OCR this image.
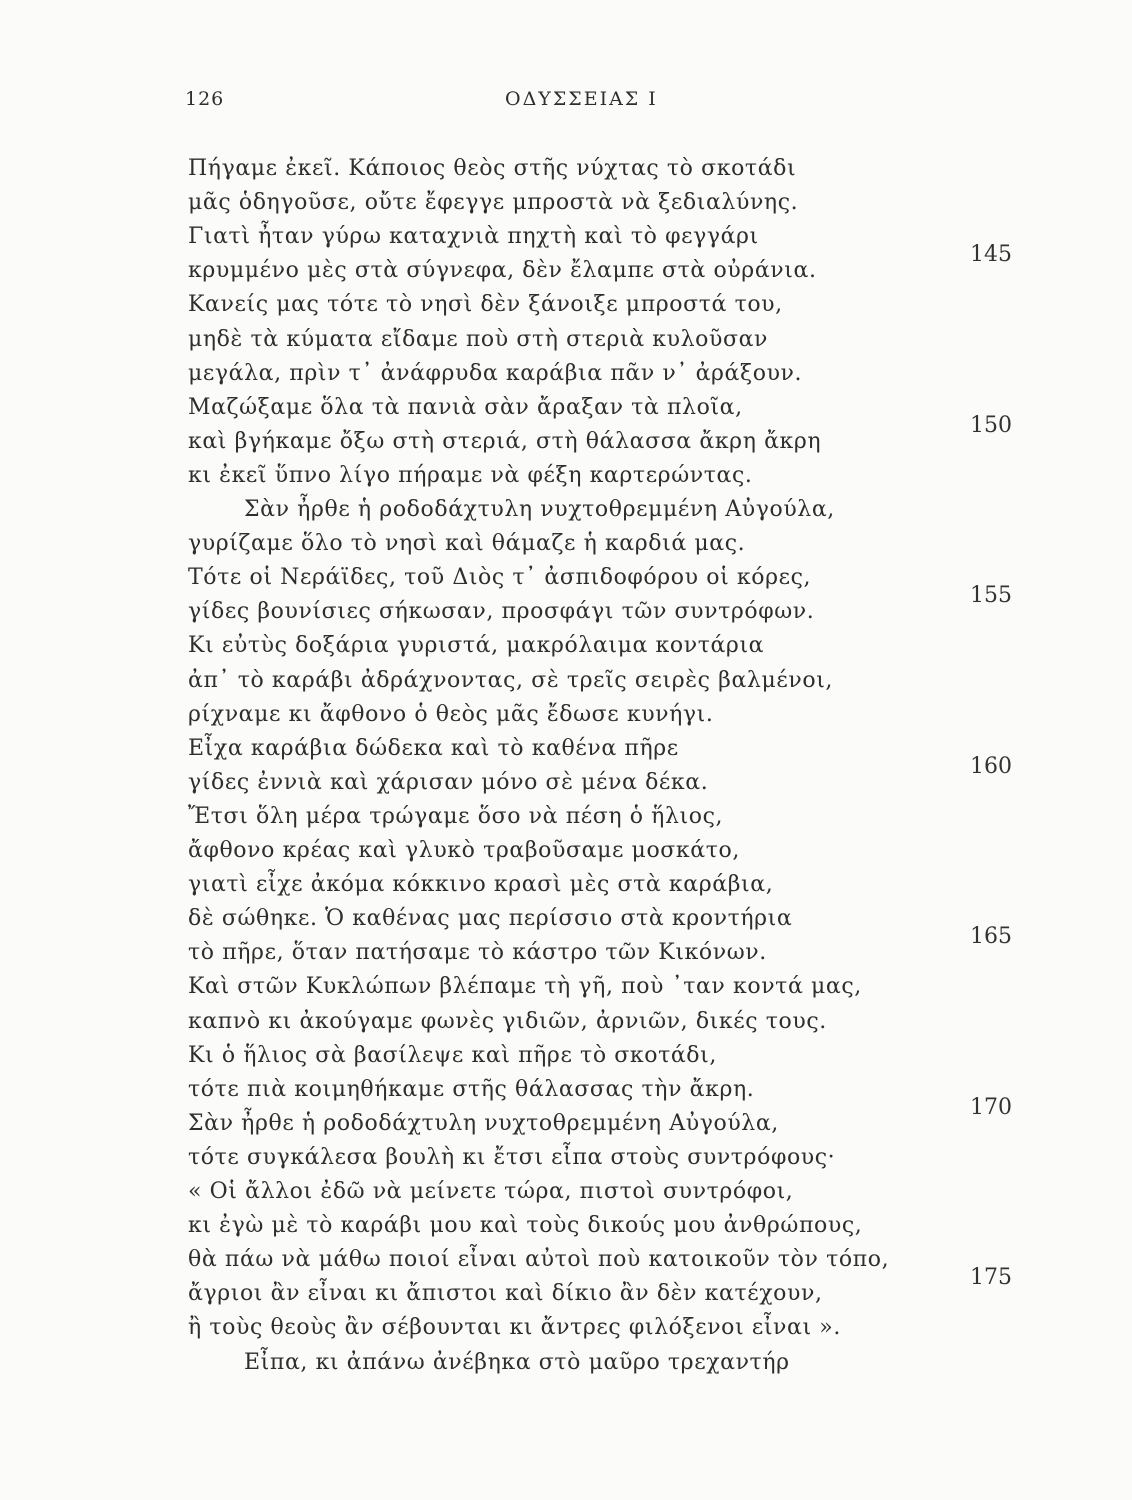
126	ΟΔΥΣΣΕΙΑΣ Ι
Πήγαμε ἐκεῖ. Κάποιος θεὸς στῆς νύχτας τὸ σκοτάδι
μᾶς ὁδηγοῦσε, οὔτε ἔφεγγε μπροστὰ νὰ ξεδιαλύνης.
Γιατὶ ἦταν γύρω καταχνιὰ πηχτὴ καὶ τὸ φεγγάρι
κρυμμένο μὲς στὰ σύγνεφα, δὲν ἔλαμπε στὰ οὐράνια.
Κανείς μας τότε τὸ νησὶ δὲν ξάνοιξε μπροστά του,
μηδὲ τὰ κύματα εἴδαμε ποὺ στὴ στεριὰ κυλοῦσαν
μεγάλα, πρὶν τ᾽ ἀνάφρυδα καράβια πᾶν ν᾽ ἀράξουν.
Μαζώξαμε ὅλα τὰ πανιὰ σὰν ἄραξαν τὰ πλοῖα,
καὶ βγήκαμε ὄξω στὴ στεριά, στὴ θάλασσα ἄκρη ἄκρη
κι ἐκεῖ ὕπνο λίγο πήραμε νὰ φέξη καρτερώντας.
Σὰν ἦρθε ἡ ροδοδάχτυλη νυχτοθρεμμένη Αὐγούλα,
γυρίζαμε ὅλο τὸ νησὶ καὶ θάμαζε ἡ καρδιά μας.
Τότε οἱ Νεράϊδες, τοῦ Διὸς τ᾽ ἀσπιδοφόρου οἱ κόρες,
γίδες βουνίσιες σήκωσαν, προσφάγι τῶν συντρόφων.
Κι εὐτὺς δοξάρια γυριστά, μακρόλαιμα κοντάρια
ἀπ᾽ τὸ καράβι ἀδράχνοντας, σὲ τρεῖς σειρὲς βαλμένοι,
ρίχναμε κι ἄφθονο ὁ θεὸς μᾶς ἔδωσε κυνήγι.
Εἶχα καράβια δώδεκα καὶ τὸ καθένα πῆρε
γίδες ἐννιὰ καὶ χάρισαν μόνο σὲ μένα δέκα.
Ἔτσι ὅλη μέρα τρώγαμε ὅσο νὰ πέση ὁ ἥλιος,
ἄφθονο κρέας καὶ γλυκὸ τραβοῦσαμε μοσκάτο,
γιατὶ εἶχε ἀκόμα κόκκινο κρασὶ μὲς στὰ καράβια,
δὲ σώθηκε. Ὁ καθένας μας περίσσιο στὰ κροντήρια
τὸ πῆρε, ὅταν πατήσαμε τὸ κάστρο τῶν Κικόνων.
Καὶ στῶν Κυκλώπων βλέπαμε τὴ γῆ, ποὺ ᾽ταν κοντά μας,
καπνὸ κι ἀκούγαμε φωνὲς γιδιῶν, ἀρνιῶν, δικές τους.
Κι ὁ ἥλιος σὰ βασίλεψε καὶ πῆρε τὸ σκοτάδι,
τότε πιὰ κοιμηθήκαμε στῆς θάλασσας τὴν ἄκρη.
Σὰν ἦρθε ἡ ροδοδάχτυλη νυχτοθρεμμένη Αὐγούλα,
τότε συγκάλεσα βουλὴ κι ἔτσι εἶπα στοὺς συντρόφους·
« Οἱ ἄλλοι ἐδῶ νὰ μείνετε τώρα, πιστοὶ συντρόφοι,
κι ἐγὼ μὲ τὸ καράβι μου καὶ τοὺς δικούς μου ἀνθρώπους,
θὰ πάω νὰ μάθω ποιοί εἶναι αὐτοὶ ποὺ κατοικοῦν τὸν τόπο,
ἄγριοι ἂν εἶναι κι ἄπιστοι καὶ δίκιο ἂν δὲν κατέχουν,
ἢ τοὺς θεοὺς ἂν σέβουνται κι ἄντρες φιλόξενοι εἶναι ».
Εἶπα, κι ἀπάνω ἀνέβηκα στὸ μαῦρο τρεχαντήρ
145
150
155
160
165
170
175
